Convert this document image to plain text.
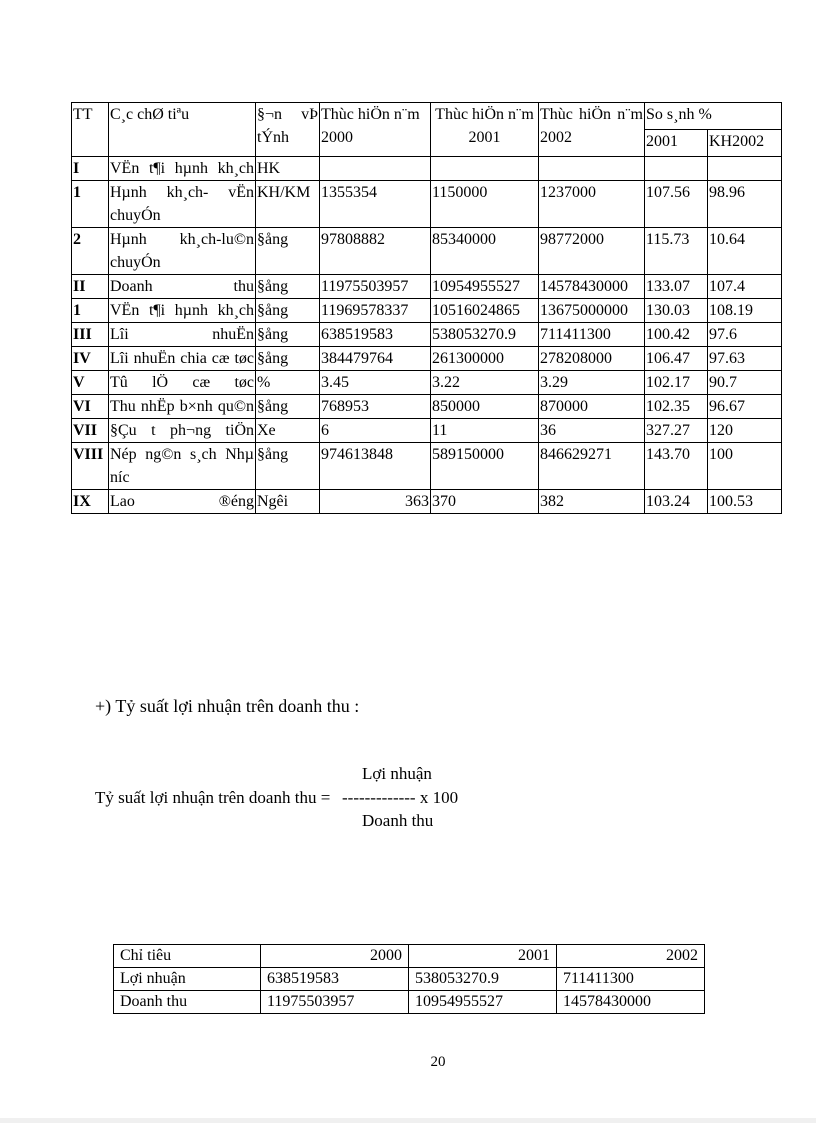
TT	C¸c chØ tiªu	§¬n vÞ tÝnh	Thùc hiÖn n¨m 2000	Thùc hiÖn n¨m 2001	Thùc hiÖn n¨m 2002	So s¸nh %	
						2001	KH2002
I	VËn t¶i hµnh kh¸ch	HK					
1	Hµnh kh¸ch- vËn chuyÓn	KH/KM	1355354	1150000	1237000	107.56	98.96
2	Hµnh kh¸ch-lu©n chuyÓn	§ång	97808882	85340000	98772000	115.73	10.64
II	Doanh thu	§ång	11975503957	10954955527	14578430000	133.07	107.4
1	VËn t¶i hµnh kh¸ch	§ång	11969578337	10516024865	13675000000	130.03	108.19
III	Lîi nhuËn	§ång	638519583	538053270.9	711411300	100.42	97.6
IV	Lîi nhuËn chia cæ tøc	§ång	384479764	261300000	278208000	106.47	97.63
V	Tû lÖ cæ tøc	%	3.45	3.22	3.29	102.17	90.7
VI	Thu nhËp b×nh qu©n	§ång	768953	850000	870000	102.35	96.67
VII	§Çu t ph¬ng tiÖn	Xe	6	11	36	327.27	120
VIII	Nép ng©n s¸ch Nhµ níc	§ång	974613848	589150000	846629271	143.70	100
IX	Lao ®éng	Ngêi	363	370	382	103.24	100.53
+) Tỷ suất lợi nhuận trên doanh thu :
Lợi nhuận
Tỷ suất lợi nhuận trên doanh thu = ------------- x 100
Doanh thu
Chỉ tiêu	2000	2001	2002
Lợi nhuận	638519583	538053270.9	711411300
Doanh thu	11975503957	10954955527	14578430000
20
